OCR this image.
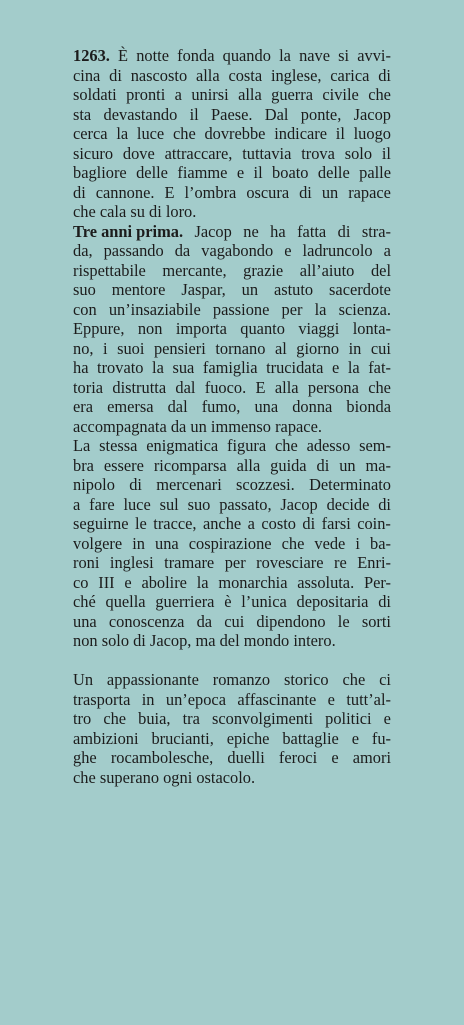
1263. È notte fonda quando la nave si avvi-
cina di nascosto alla costa inglese, carica di
soldati pronti a unirsi alla guerra civile che
sta devastando il Paese. Dal ponte, Jacop
cerca la luce che dovrebbe indicare il luogo
sicuro dove attraccare, tuttavia trova solo il
bagliore delle fiamme e il boato delle palle
di cannone. E l’ombra oscura di un rapace
che cala su di loro.
Tre anni prima. Jacop ne ha fatta di stra-
da, passando da vagabondo e ladruncolo a
rispettabile mercante, grazie all’aiuto del
suo mentore Jaspar, un astuto sacerdote
con un’insaziabile passione per la scienza.
Eppure, non importa quanto viaggi lonta-
no, i suoi pensieri tornano al giorno in cui
ha trovato la sua famiglia trucidata e la fat-
toria distrutta dal fuoco. E alla persona che
era emersa dal fumo, una donna bionda
accompagnata da un immenso rapace.
La stessa enigmatica figura che adesso sem-
bra essere ricomparsa alla guida di un ma-
nipolo di mercenari scozzesi. Determinato
a fare luce sul suo passato, Jacop decide di
seguirne le tracce, anche a costo di farsi coin-
volgere in una cospirazione che vede i ba-
roni inglesi tramare per rovesciare re Enri-
co III e abolire la monarchia assoluta. Per-
ché quella guerriera è l’unica depositaria di
una conoscenza da cui dipendono le sorti
non solo di Jacop, ma del mondo intero.
Un appassionante romanzo storico che ci
trasporta in un’epoca affascinante e tutt’al-
tro che buia, tra sconvolgimenti politici e
ambizioni brucianti, epiche battaglie e fu-
ghe rocambolesche, duelli feroci e amori
che superano ogni ostacolo.
